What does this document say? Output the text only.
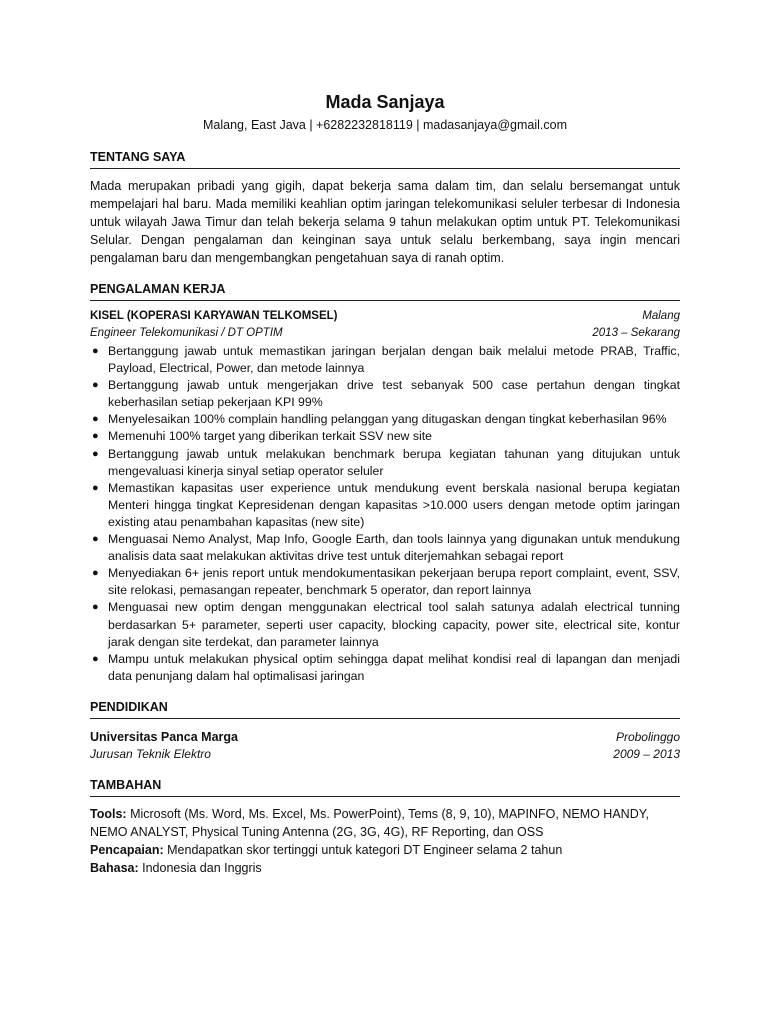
Mada Sanjaya
Malang, East Java | +6282232818119 | madasanjaya@gmail.com
TENTANG SAYA
Mada merupakan pribadi yang gigih, dapat bekerja sama dalam tim, dan selalu bersemangat untuk mempelajari hal baru. Mada memiliki keahlian optim jaringan telekomunikasi seluler terbesar di Indonesia untuk wilayah Jawa Timur dan telah bekerja selama 9 tahun melakukan optim untuk PT. Telekomunikasi Selular. Dengan pengalaman dan keinginan saya untuk selalu berkembang, saya ingin mencari pengalaman baru dan mengembangkan pengetahuan saya di ranah optim.
PENGALAMAN KERJA
KISEL (KOPERASI KARYAWAN TELKOMSEL)	Malang
Engineer Telekomunikasi / DT OPTIM	2013 – Sekarang
● Bertanggung jawab untuk memastikan jaringan berjalan dengan baik melalui metode PRAB, Traffic, Payload, Electrical, Power, dan metode lainnya
● Bertanggung jawab untuk mengerjakan drive test sebanyak 500 case pertahun dengan tingkat keberhasilan setiap pekerjaan KPI 99%
● Menyelesaikan 100% complain handling pelanggan yang ditugaskan dengan tingkat keberhasilan 96%
● Memenuhi 100% target yang diberikan terkait SSV new site
● Bertanggung jawab untuk melakukan benchmark berupa kegiatan tahunan yang ditujukan untuk mengevaluasi kinerja sinyal setiap operator seluler
● Memastikan kapasitas user experience untuk mendukung event berskala nasional berupa kegiatan Menteri hingga tingkat Kepresidenan dengan kapasitas >10.000 users dengan metode optim jaringan existing atau penambahan kapasitas (new site)
● Menguasai Nemo Analyst, Map Info, Google Earth, dan tools lainnya yang digunakan untuk mendukung analisis data saat melakukan aktivitas drive test untuk diterjemahkan sebagai report
● Menyediakan 6+ jenis report untuk mendokumentasikan pekerjaan berupa report complaint, event, SSV, site relokasi, pemasangan repeater, benchmark 5 operator, dan report lainnya
● Menguasai new optim dengan menggunakan electrical tool salah satunya adalah electrical tunning berdasarkan 5+ parameter, seperti user capacity, blocking capacity, power site, electrical site, kontur jarak dengan site terdekat, dan parameter lainnya
● Mampu untuk melakukan physical optim sehingga dapat melihat kondisi real di lapangan dan menjadi data penunjang dalam hal optimalisasi jaringan
PENDIDIKAN
Universitas Panca Marga	Probolinggo
Jurusan Teknik Elektro	2009 – 2013
TAMBAHAN
Tools: Microsoft (Ms. Word, Ms. Excel, Ms. PowerPoint), Tems (8, 9, 10), MAPINFO, NEMO HANDY, NEMO ANALYST, Physical Tuning Antenna (2G, 3G, 4G), RF Reporting, dan OSS
Pencapaian: Mendapatkan skor tertinggi untuk kategori DT Engineer selama 2 tahun
Bahasa: Indonesia dan Inggris
